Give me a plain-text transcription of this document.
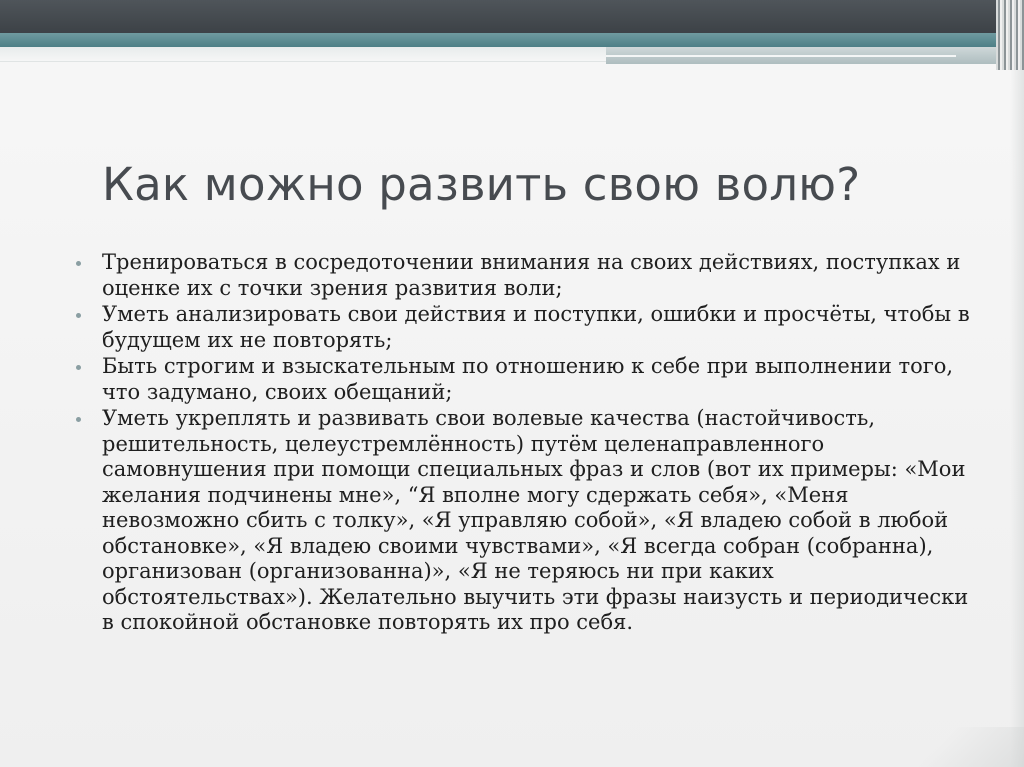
Как можно развить свою волю?
Тренироваться в сосредоточении внимания на своих действиях, поступках и оценке их с точки зрения развития воли;
Уметь анализировать свои действия и поступки, ошибки и просчёты, чтобы в будущем их не повторять;
Быть строгим и взыскательным по отношению к себе при выполнении того, что задумано, своих обещаний;
Уметь укреплять и развивать свои волевые качества (настойчивость, решительность, целеустремлённость) путём целенаправленного самовнушения при помощи специальных фраз и слов (вот их примеры: «Мои желания подчинены мне», “Я вполне могу сдержать себя», «Меня невозможно сбить с толку», «Я управляю собой», «Я владею собой в любой обстановке», «Я владею своими чувствами», «Я всегда собран (собранна), организован (организованна)», «Я не теряюсь ни при каких обстоятельствах»). Желательно выучить эти фразы наизусть и периодически в спокойной обстановке повторять их про себя.
